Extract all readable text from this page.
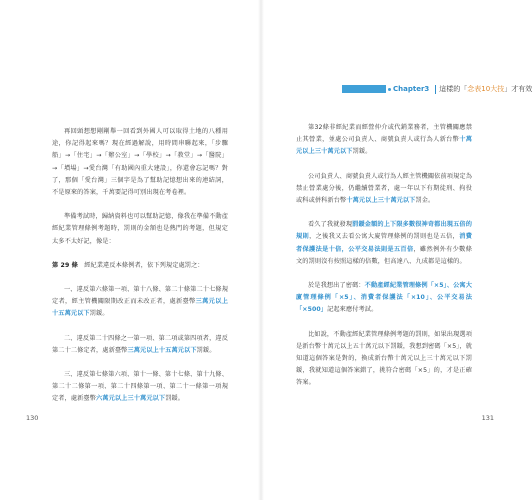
再回頭想想剛剛舉一回看到外國人可以取得土地的八種用途，你記得起來嗎？現在經過解說，用時間串聯起來，「步驟船」→「住宅」→「辦公室」→「學校」→「教堂」→「醫院」→「墳場」→愛台灣「有助國內重大建設」，你還會忘記嗎？對了，那個「愛台灣」三個字是為了幫助記憶想出來的連結詞，不是原來的答案，千萬要記得可別出現在考卷裡。

準備考試時，歸納資料也可以幫助記憶，像我在準備不動產經紀業管理條例考題時，罰則的金額也是熱門的考題，但規定太多不太好記，像是：

第 29 條　經紀業違反本條例者，依下列規定處罰之：

一、違反第六條第一項、第十八條、第二十條第二十七條規定者，經主管機關限期改正而未改正者，處新臺幣三萬元以上十五萬元以下罰鍰。

二、違反第二十四條之一第一項、第二項或第四項者，違反第二十二條定者，處新臺幣三萬元以上十五萬元以下罰鍰。

三、違反第七條第六項、第十一條、第十七條、第十九條、第二十二條第一項、第二十四條第一項、第二十一條第一項規定者，處新臺幣六萬元以上三十萬元以下罰鍰。

130
Chapter3 這樣的「 念表10大技 」才有效

第32條非經紀業而經營仲介或代銷業務者，主管機關應禁止其營業，並處公司負責人、商號負責人或行為人新台幣十萬元以上三十萬元以下罰鍰。

公司負責人、商號負責人或行為人經主管機關依前項規定為禁止營業處分後，仍繼續營業者，處一年以下有期徒刑、拘役或科或併科新台幣十萬元以上三十萬元以下罰金。

看久了我就發現罰鍰金額的上下限多數很神奇都出現五倍的規則，之後我又去看公寓大廈管理條例的罰則也是五倍，消費者保護法是十倍，公平交易法則是五百倍，雖然例外有少數條文的罰則沒有按照這樣的倍數，但高達八、九成都是這樣的。

於是我想出了密碼：不動產經紀業管理條例「×5」、公寓大廈管理條例「×5」、消費者保護法「×10」、公平交易法「×500」記起來應付考試。

比如說，不動產經紀業管理條例考題的罰則，如果出現選項是新台幣十萬元以上五十萬元以下罰鍰，我想到密碼「×5」，就知道這個答案是對的，換成新台幣十萬元以上三十萬元以下罰鍰，我就知道這個答案錯了，挑符合密碼「×5」的，才是正確答案。

131
